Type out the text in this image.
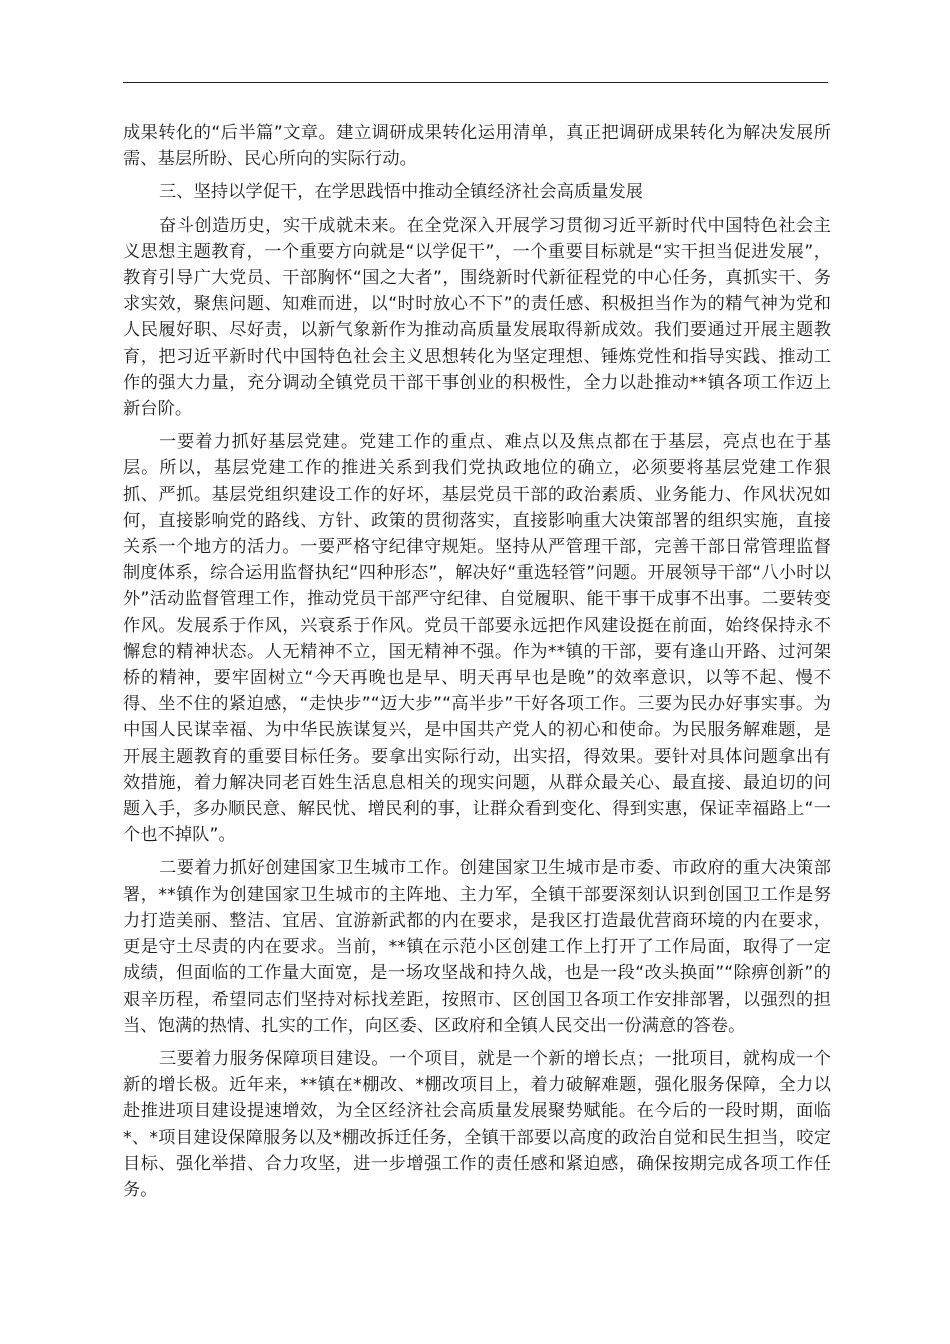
成果转化的“后半篇”文章。建立调研成果转化运用清单，真正把调研成果转化为解决发展所需、基层所盼、民心所向的实际行动。

三、坚持以学促干，在学思践悟中推动全镇经济社会高质量发展

奋斗创造历史，实干成就未来。在全党深入开展学习贯彻习近平新时代中国特色社会主义思想主题教育，一个重要方向就是“以学促干”，一个重要目标就是“实干担当促进发展”，教育引导广大党员、干部胸怀“国之大者”，围绕新时代新征程党的中心任务，真抓实干、务求实效，聚焦问题、知难而进，以“时时放心不下”的责任感、积极担当作为的精气神为党和人民履好职、尽好责，以新气象新作为推动高质量发展取得新成效。我们要通过开展主题教育，把习近平新时代中国特色社会主义思想转化为坚定理想、锤炼党性和指导实践、推动工作的强大力量，充分调动全镇党员干部干事创业的积极性，全力以赴推动**镇各项工作迈上新台阶。

一要着力抓好基层党建。党建工作的重点、难点以及焦点都在于基层，亮点也在于基层。所以，基层党建工作的推进关系到我们党执政地位的确立，必须要将基层党建工作狠抓、严抓。基层党组织建设工作的好坏，基层党员干部的政治素质、业务能力、作风状况如何，直接影响党的路线、方针、政策的贯彻落实，直接影响重大决策部署的组织实施，直接关系一个地方的活力。一要严格守纪律守规矩。坚持从严管理干部，完善干部日常管理监督制度体系，综合运用监督执纪“四种形态”，解决好“重选轻管”问题。开展领导干部“八小时以外”活动监督管理工作，推动党员干部严守纪律、自觉履职、能干事干成事不出事。二要转变作风。发展系于作风，兴衰系于作风。党员干部要永远把作风建设挺在前面，始终保持永不懈怠的精神状态。人无精神不立，国无精神不强。作为**镇的干部，要有逢山开路、过河架桥的精神，要牢固树立“今天再晚也是早、明天再早也是晚”的效率意识，以等不起、慢不得、坐不住的紧迫感，“走快步”“迈大步”“高半步”干好各项工作。三要为民办好事实事。为中国人民谋幸福、为中华民族谋复兴，是中国共产党人的初心和使命。为民服务解难题，是开展主题教育的重要目标任务。要拿出实际行动，出实招，得效果。要针对具体问题拿出有效措施，着力解决同老百姓生活息息相关的现实问题，从群众最关心、最直接、最迫切的问题入手，多办顺民意、解民忧、增民利的事，让群众看到变化、得到实惠，保证幸福路上“一个也不掉队”。

二要着力抓好创建国家卫生城市工作。创建国家卫生城市是市委、市政府的重大决策部署，**镇作为创建国家卫生城市的主阵地、主力军，全镇干部要深刻认识到创国卫工作是努力打造美丽、整洁、宜居、宜游新武都的内在要求，是我区打造最优营商环境的内在要求，更是守土尽责的内在要求。当前，**镇在示范小区创建工作上打开了工作局面，取得了一定成绩，但面临的工作量大面宽，是一场攻坚战和持久战，也是一段“改头换面”“除痹创新”的艰辛历程，希望同志们坚持对标找差距，按照市、区创国卫各项工作安排部署，以强烈的担当、饱满的热情、扎实的工作，向区委、区政府和全镇人民交出一份满意的答卷。

三要着力服务保障项目建设。一个项目，就是一个新的增长点；一批项目，就构成一个新的增长极。近年来，**镇在*棚改、*棚改项目上，着力破解难题，强化服务保障，全力以赴推进项目建设提速增效，为全区经济社会高质量发展聚势赋能。在今后的一段时期，面临*、*项目建设保障服务以及*棚改拆迁任务，全镇干部要以高度的政治自觉和民生担当，咬定目标、强化举措、合力攻坚，进一步增强工作的责任感和紧迫感，确保按期完成各项工作任务。
